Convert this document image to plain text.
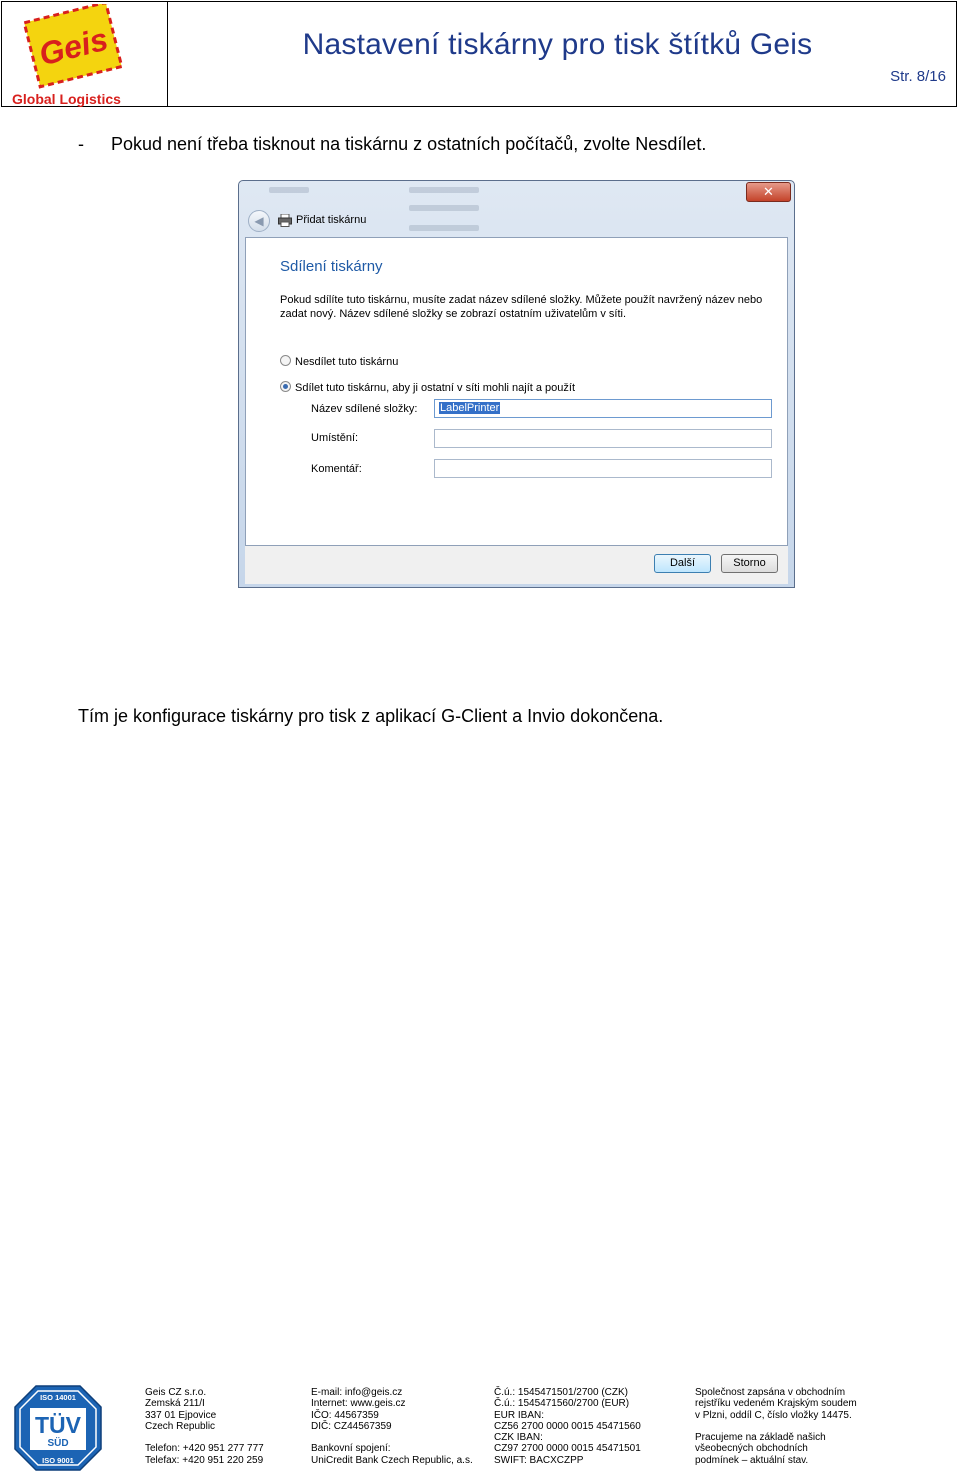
Geis
Global Logistics
Nastavení tiskárny pro tisk štítků Geis
Str. 8/16
- Pokud není třeba tisknout na tiskárnu z ostatních počítačů, zvolte Nesdílet.
✕
◀	Přidat tiskárnu
Sdílení tiskárny
Pokud sdílíte tuto tiskárnu, musíte zadat název sdílené složky. Můžete použít navržený název nebo zadat nový. Název sdílené složky se zobrazí ostatním uživatelům v síti.
Nesdílet tuto tiskárnu
Sdílet tuto tiskárnu, aby ji ostatní v síti mohli najít a použít
Název sdílené složky:	LabelPrinter
Umístění:
Komentář:
Další	Storno
Tím je konfigurace tiskárny pro tisk z aplikací G-Client a Invio dokončena.
ISO 14001
TÜV
SÜD
ISO 9001
Geis CZ s.r.o.
Zemská 211/I
337 01 Ejpovice
Czech Republic
Telefon: +420 951 277 777
Telefax: +420 951 220 259
E-mail: info@geis.cz
Internet: www.geis.cz
IČO: 44567359
DIČ: CZ44567359
Bankovní spojení:
UniCredit Bank Czech Republic, a.s.
Č.ú.: 1545471501/2700 (CZK)
Č.ú.: 1545471560/2700 (EUR)
EUR IBAN:
CZ56 2700 0000 0015 45471560
CZK IBAN:
CZ97 2700 0000 0015 45471501
SWIFT: BACXCZPP
Společnost zapsána v obchodním
rejstříku vedeném Krajským soudem
v Plzni, oddíl C, číslo vložky 14475.
Pracujeme na základě našich
všeobecných obchodních
podmínek – aktuální stav.
